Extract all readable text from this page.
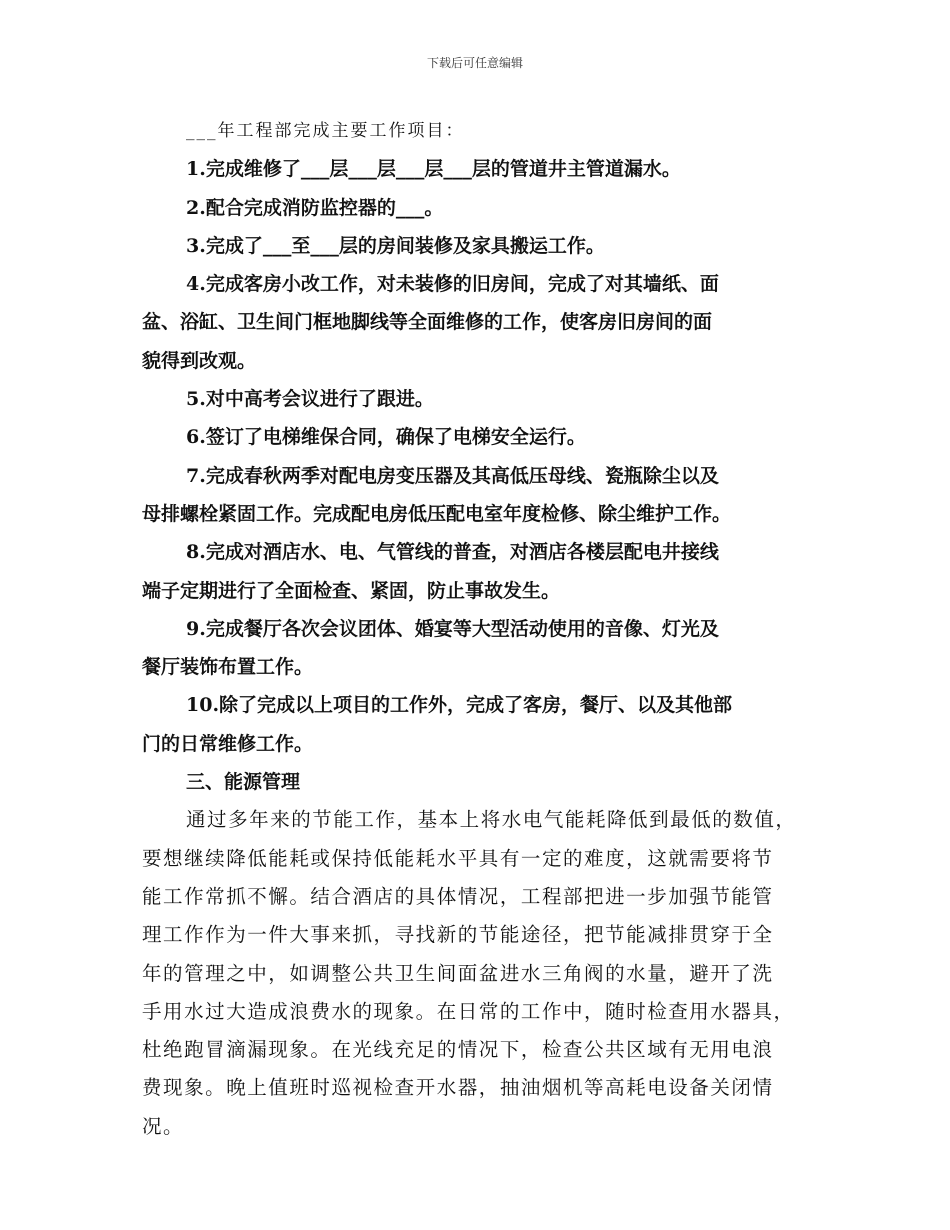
下载后可任意编辑
___年工程部完成主要工作项目：
1.完成维修了___层___层___层___层的管道井主管道漏水。
2.配合完成消防监控器的___。
3.完成了___至___层的房间装修及家具搬运工作。
4.完成客房小改工作，对未装修的旧房间，完成了对其墙纸、面
盆、浴缸、卫生间门框地脚线等全面维修的工作，使客房旧房间的面
貌得到改观。
5.对中高考会议进行了跟进。
6.签订了电梯维保合同，确保了电梯安全运行。
7.完成春秋两季对配电房变压器及其高低压母线、瓷瓶除尘以及
母排螺栓紧固工作。完成配电房低压配电室年度检修、除尘维护工作。
8.完成对酒店水、电、气管线的普查，对酒店各楼层配电井接线
端子定期进行了全面检查、紧固，防止事故发生。
9.完成餐厅各次会议团体、婚宴等大型活动使用的音像、灯光及
餐厅装饰布置工作。
10.除了完成以上项目的工作外，完成了客房，餐厅、以及其他部
门的日常维修工作。
三、能源管理
通过多年来的节能工作，基本上将水电气能耗降低到最低的数值，
要想继续降低能耗或保持低能耗水平具有一定的难度，这就需要将节
能工作常抓不懈。结合酒店的具体情况，工程部把进一步加强节能管
理工作作为一件大事来抓，寻找新的节能途径，把节能减排贯穿于全
年的管理之中，如调整公共卫生间面盆进水三角阀的水量，避开了洗
手用水过大造成浪费水的现象。在日常的工作中，随时检查用水器具，
杜绝跑冒滴漏现象。在光线充足的情况下，检查公共区域有无用电浪
费现象。晚上值班时巡视检查开水器，抽油烟机等高耗电设备关闭情
况。
